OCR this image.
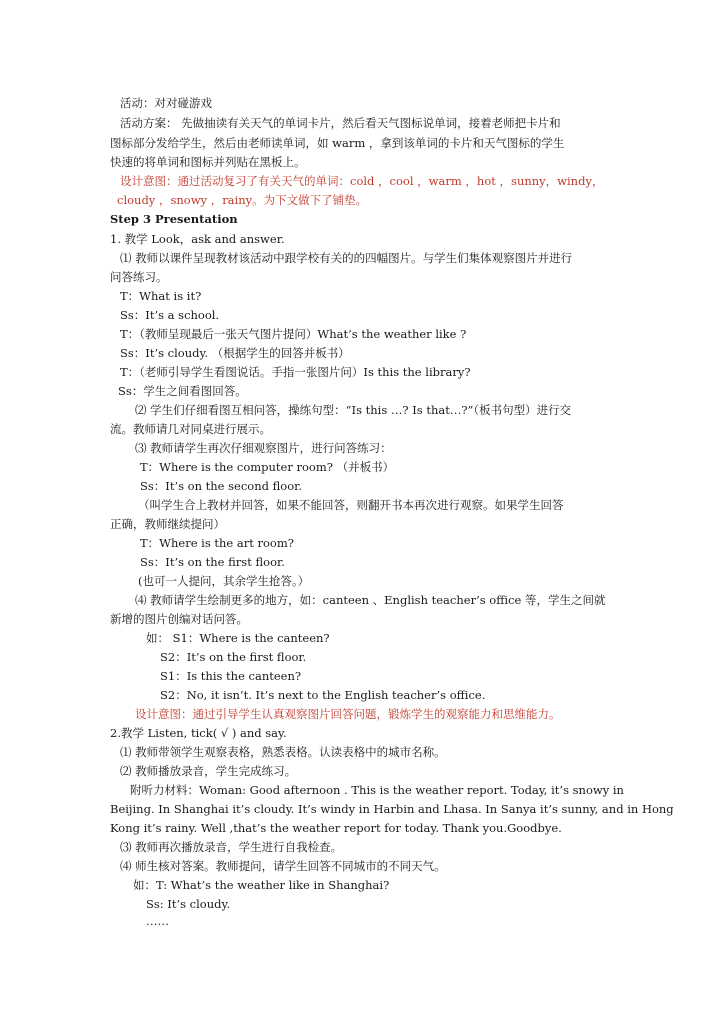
活动：对对碰游戏
活动方案： 先做抽读有关天气的单词卡片，然后看天气图标说单词，接着老师把卡片和
图标部分发给学生，然后由老师读单词，如 warm ，拿到该单词的卡片和天气图标的学生
快速的将单词和图标并列贴在黑板上。
设计意图：通过活动复习了有关天气的单词：cold ，cool ，warm ，hot ，sunny，windy，
cloudy ，snowy ，rainy。为下文做下了铺垫。
Step 3 Presentation
1. 教学 Look，ask and answer.
⑴ 教师以课件呈现教材该活动中跟学校有关的的四幅图片。与学生们集体观察图片并进行
问答练习。
T：What is it?
Ss：It’s a school.
T：（教师呈现最后一张天气图片提问）What’s the weather like ?
Ss：It’s cloudy. （根据学生的回答并板书）
T：（老师引导学生看图说话。手指一张图片问）Is this the library?
Ss：学生之间看图回答。
⑵ 学生们仔细看图互相问答，操练句型：“Is this …? Is that…?”（板书句型）进行交
流。教师请几对同桌进行展示。
⑶ 教师请学生再次仔细观察图片，进行问答练习：
T：Where is the computer room? （并板书）
Ss：It’s on the second floor.
（叫学生合上教材并回答，如果不能回答，则翻开书本再次进行观察。如果学生回答
正确，教师继续提问）
T：Where is the art room?
Ss：It’s on the first floor.
(也可一人提问，其余学生抢答。）
⑷ 教师请学生绘制更多的地方，如：canteen 、English teacher’s office 等，学生之间就
新增的图片创编对话问答。
如： S1：Where is the canteen?
S2：It’s on the first floor.
S1：Is this the canteen?
S2：No, it isn’t. It’s next to the English teacher’s office.
设计意图：通过引导学生认真观察图片回答问题，锻炼学生的观察能力和思维能力。
2.教学 Listen, tick( √ ) and say.
⑴ 教师带领学生观察表格，熟悉表格。认读表格中的城市名称。
⑵ 教师播放录音，学生完成练习。
附听力材料：Woman: Good afternoon . This is the weather report. Today, it’s snowy in
Beijing. In Shanghai it’s cloudy. It’s windy in Harbin and Lhasa. In Sanya it’s sunny, and in Hong
Kong it’s rainy. Well ,that’s the weather report for today. Thank you.Goodbye.
⑶ 教师再次播放录音，学生进行自我检查。
⑷ 师生核对答案。教师提问，请学生回答不同城市的不同天气。
如：T: What’s the weather like in Shanghai?
Ss: It’s cloudy.
……
